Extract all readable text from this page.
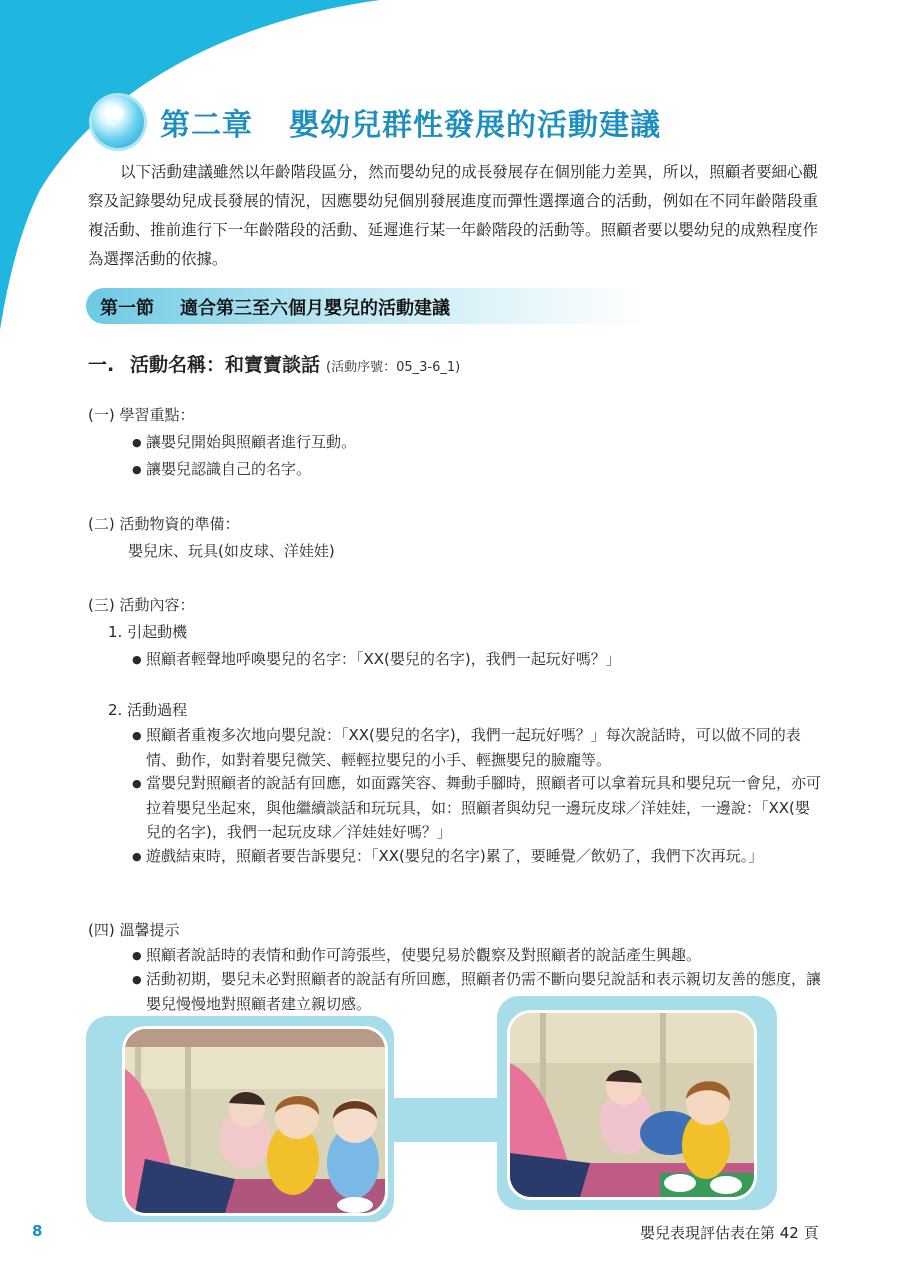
第二章 嬰幼兒群性發展的活動建議

以下活動建議雖然以年齡階段區分，然而嬰幼兒的成長發展存在個別能力差異，所以，照顧者要細心觀察及記錄嬰幼兒成長發展的情況，因應嬰幼兒個別發展進度而彈性選擇適合的活動，例如在不同年齡階段重複活動、推前進行下一年齡階段的活動、延遲進行某一年齡階段的活動等。照顧者要以嬰幼兒的成熟程度作為選擇活動的依據。

第一節 適合第三至六個月嬰兒的活動建議
一. 活動名稱：和寶寶談話 (活動序號：05_3-6_1)
(一) 學習重點：
● 讓嬰兒開始與照顧者進行互動。
● 讓嬰兒認識自己的名字。
(二) 活動物資的準備：
嬰兒床、玩具(如皮球、洋娃娃)
(三) 活動內容：
1. 引起動機
● 照顧者輕聲地呼喚嬰兒的名字：「XX(嬰兒的名字)，我們一起玩好嗎？」
2. 活動過程
● 照顧者重複多次地向嬰兒說：「XX(嬰兒的名字)，我們一起玩好嗎？」每次說話時，可以做不同的表情、動作，如對着嬰兒微笑、輕輕拉嬰兒的小手、輕撫嬰兒的臉龐等。
● 當嬰兒對照顧者的說話有回應，如面露笑容、舞動手腳時，照顧者可以拿着玩具和嬰兒玩一會兒，亦可拉着嬰兒坐起來，與他繼續談話和玩玩具，如：照顧者與幼兒一邊玩皮球／洋娃娃，一邊說：「XX(嬰兒的名字)，我們一起玩皮球／洋娃娃好嗎？」
● 遊戲結束時，照顧者要告訴嬰兒：「XX(嬰兒的名字)累了，要睡覺／飲奶了，我們下次再玩。」
(四) 溫馨提示
● 照顧者說話時的表情和動作可誇張些，使嬰兒易於觀察及對照顧者的說話產生興趣。
● 活動初期，嬰兒未必對照顧者的說話有所回應，照顧者仍需不斷向嬰兒說話和表示親切友善的態度，讓嬰兒慢慢地對照顧者建立親切感。
8	嬰兒表現評估表在第 42 頁
